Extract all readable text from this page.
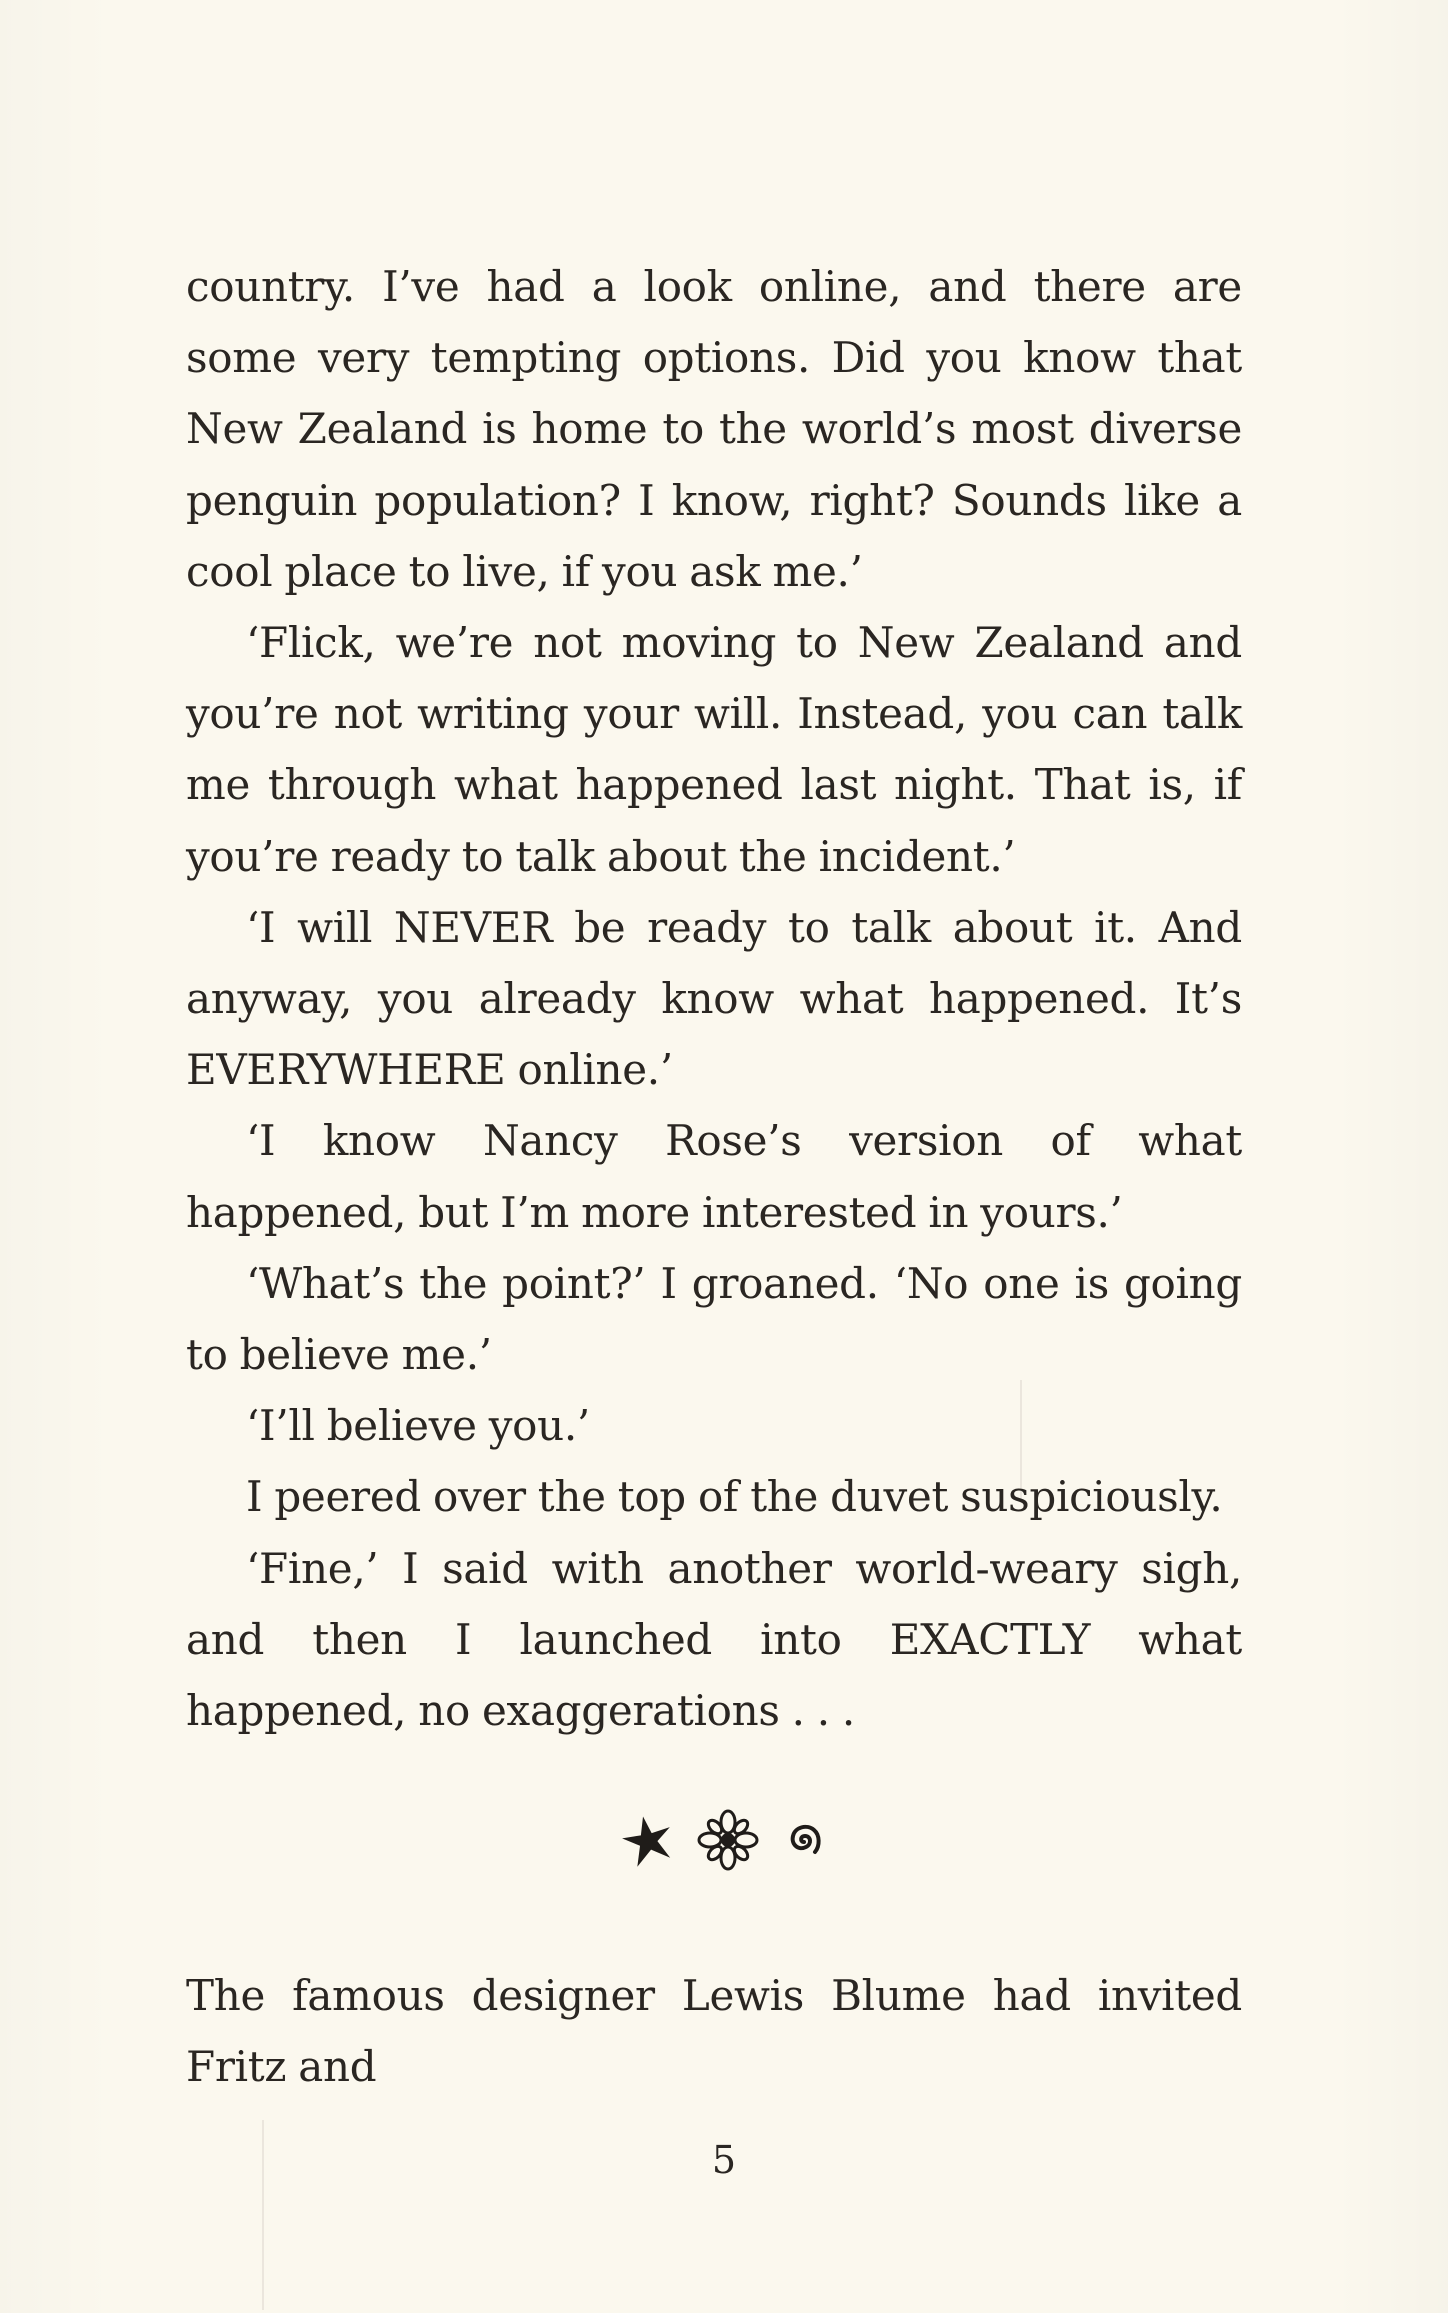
country. I’ve had a look online, and there are some very tempting options. Did you know that New Zealand is home to the world’s most diverse penguin population? I know, right? Sounds like a cool place to live, if you ask me.’

‘Flick, we’re not moving to New Zealand and you’re not writing your will. Instead, you can talk me through what happened last night. That is, if you’re ready to talk about the incident.’

‘I will NEVER be ready to talk about it. And anyway, you already know what happened. It’s EVERYWHERE online.’

‘I know Nancy Rose’s version of what happened, but I’m more interested in yours.’

‘What’s the point?’ I groaned. ‘No one is going to believe me.’

‘I’ll believe you.’

I peered over the top of the duvet suspiciously.

‘Fine,’ I said with another world-weary sigh, and then I launched into EXACTLY what happened, no exaggerations . . .

The famous designer Lewis Blume had invited Fritz and

5
